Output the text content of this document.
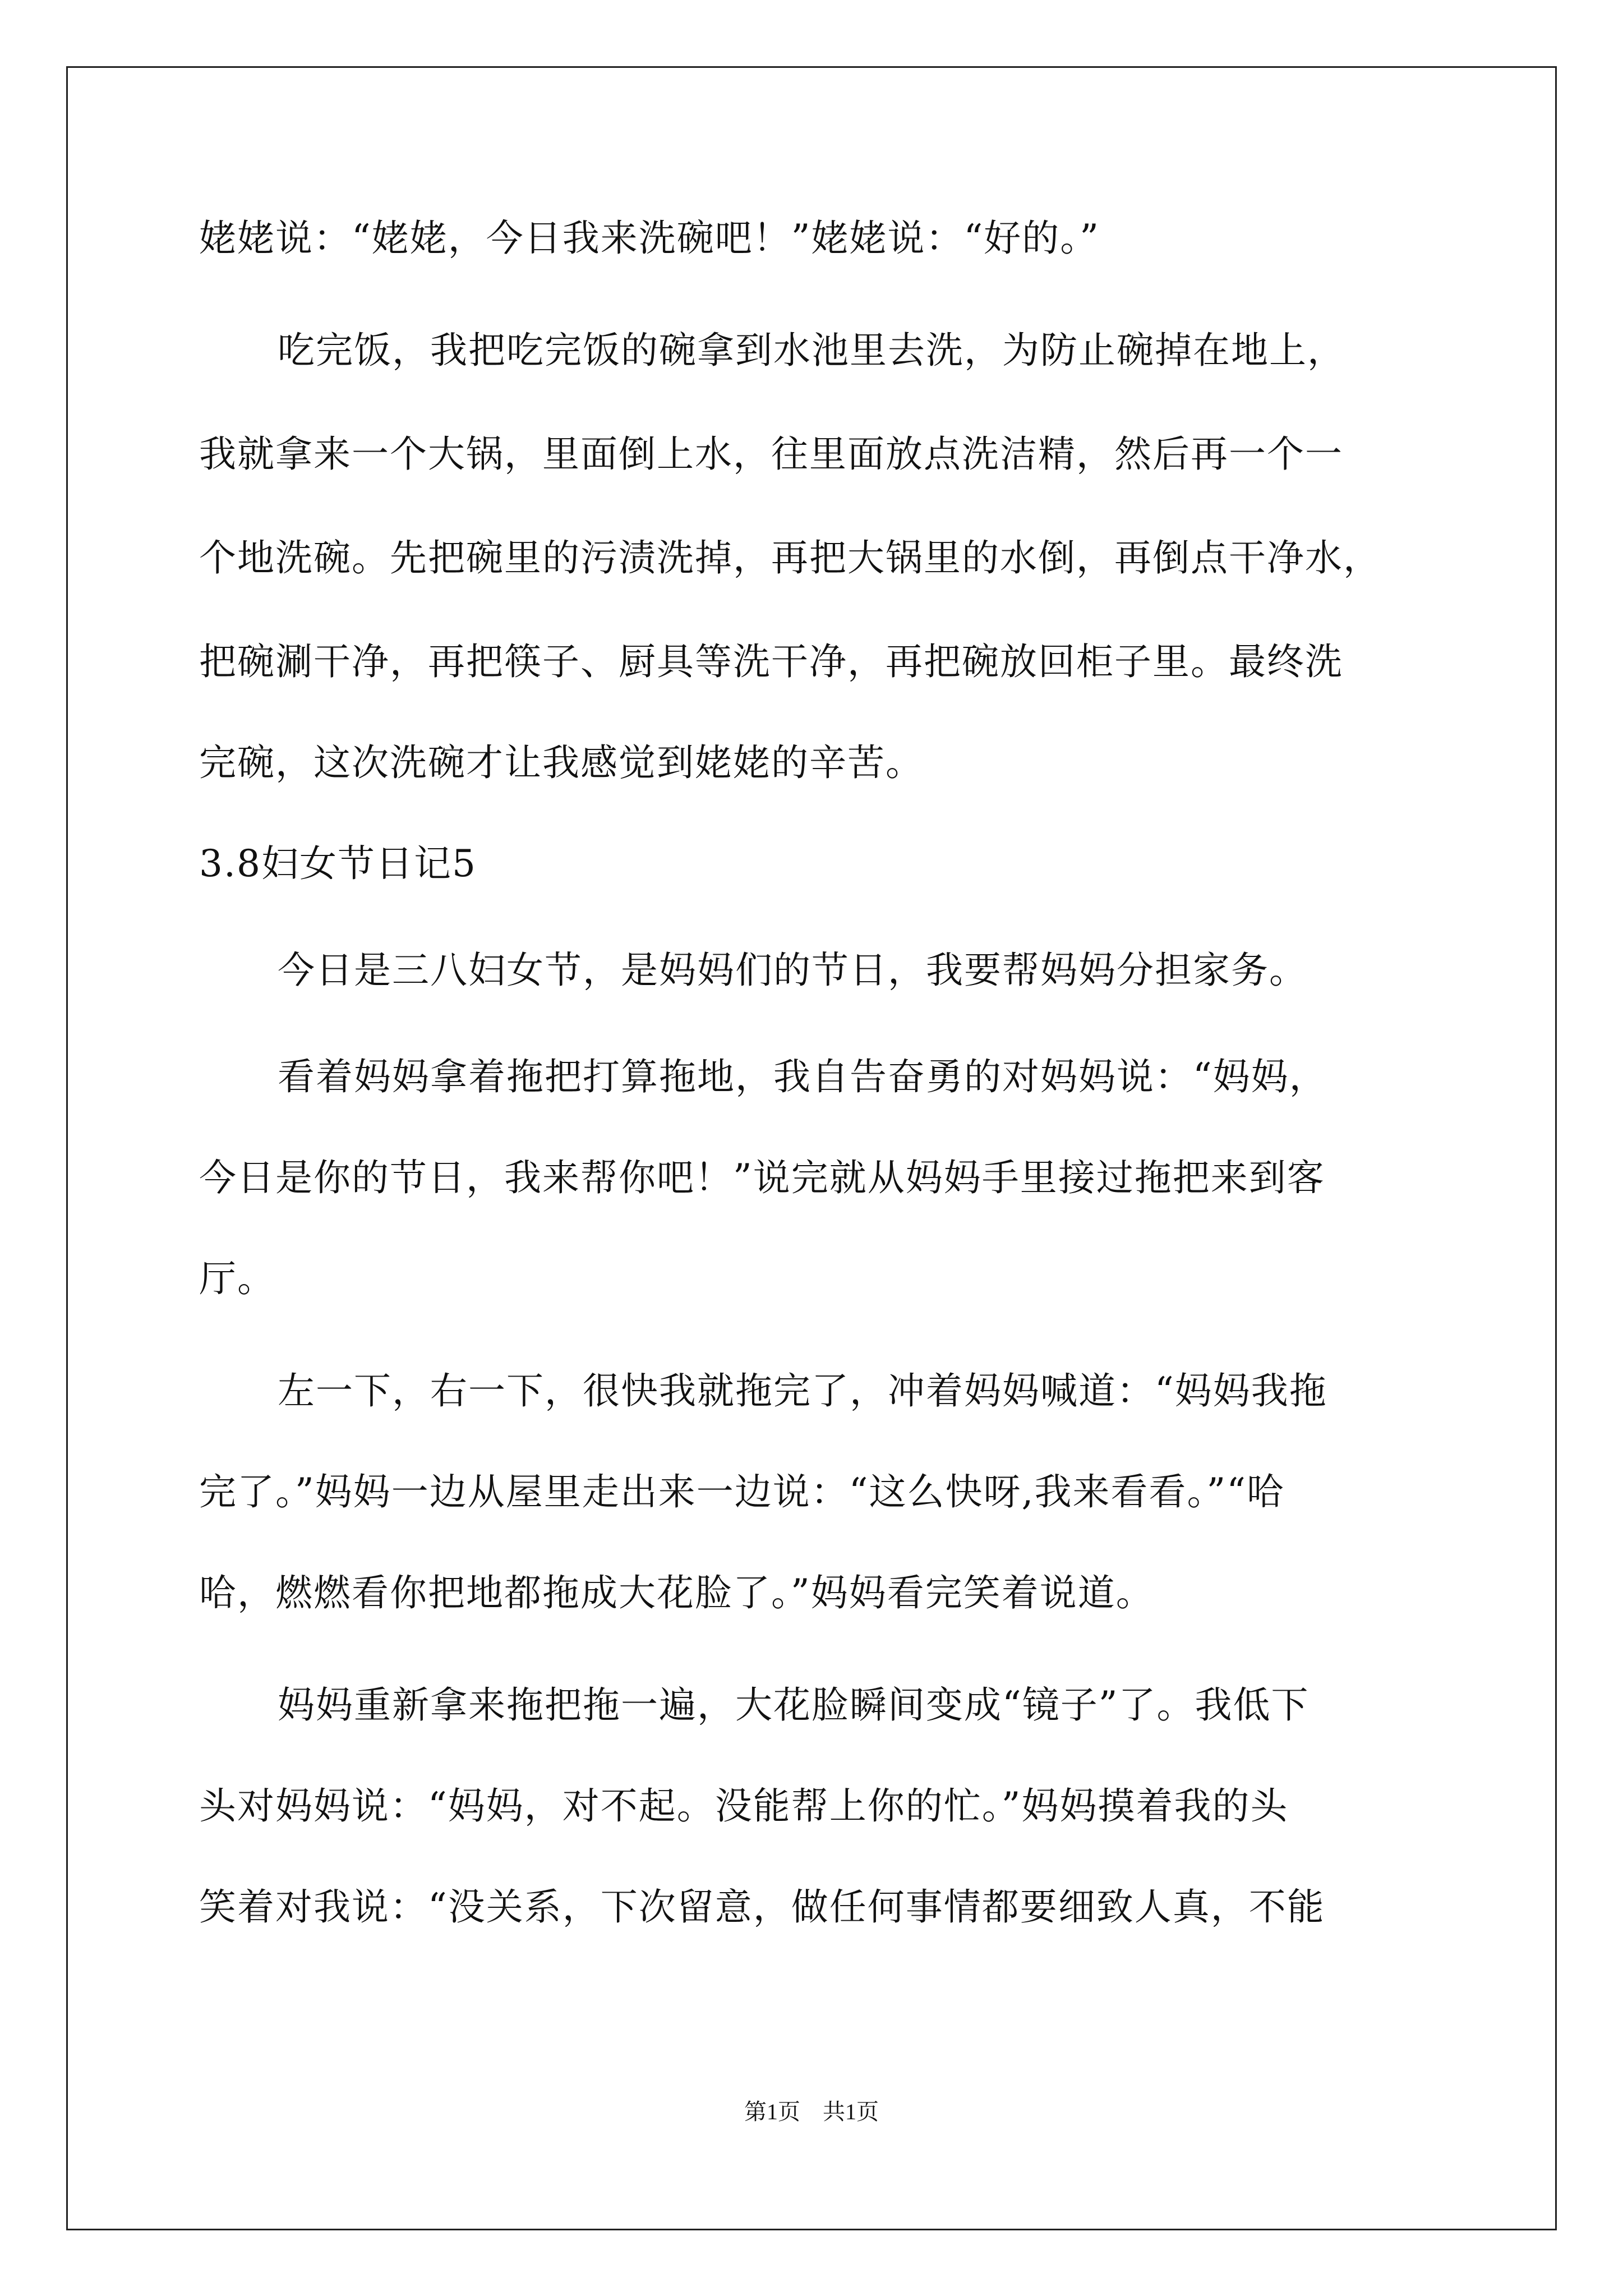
姥姥说：“姥姥，今日我来洗碗吧！”姥姥说：“好的。”
吃完饭，我把吃完饭的碗拿到水池里去洗，为防止碗掉在地上，
我就拿来一个大锅，里面倒上水，往里面放点洗洁精，然后再一个一
个地洗碗。先把碗里的污渍洗掉，再把大锅里的水倒，再倒点干净水，
把碗涮干净，再把筷子、厨具等洗干净，再把碗放回柜子里。最终洗
完碗，这次洗碗才让我感觉到姥姥的辛苦。
3.8妇女节日记5
今日是三八妇女节，是妈妈们的节日，我要帮妈妈分担家务。
看着妈妈拿着拖把打算拖地，我自告奋勇的对妈妈说：“妈妈，
今日是你的节日，我来帮你吧！”说完就从妈妈手里接过拖把来到客
厅。
左一下，右一下，很快我就拖完了，冲着妈妈喊道：“妈妈我拖
完了。”妈妈一边从屋里走出来一边说：“这么快呀,我来看看。”“哈
哈，燃燃看你把地都拖成大花脸了。”妈妈看完笑着说道。
妈妈重新拿来拖把拖一遍，大花脸瞬间变成“镜子”了。我低下
头对妈妈说：“妈妈，对不起。没能帮上你的忙。”妈妈摸着我的头
笑着对我说：“没关系，下次留意，做任何事情都要细致人真，不能
第1页　共1页
